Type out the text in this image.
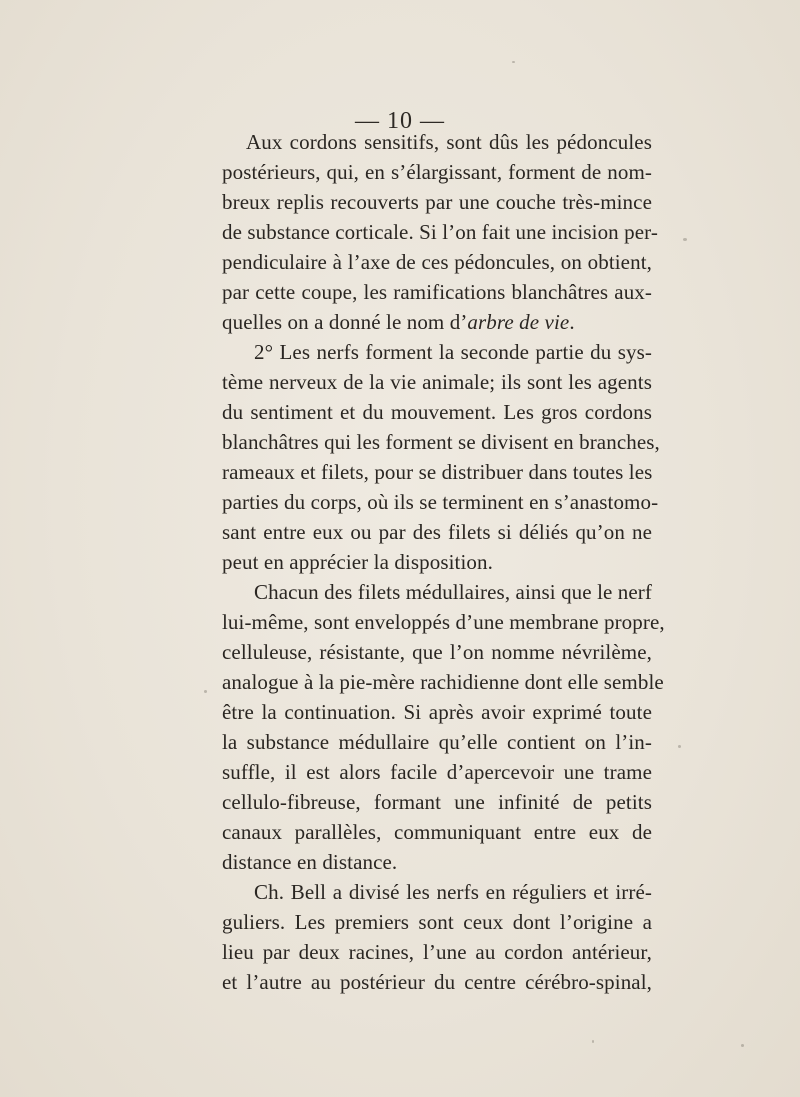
— 10 —
Aux cordons sensitifs, sont dûs les pédoncules
postérieurs, qui, en s’élargissant, forment de nom-
breux replis recouverts par une couche très-mince
de substance corticale. Si l’on fait une incision per-
pendiculaire à l’axe de ces pédoncules, on obtient,
par cette coupe, les ramifications blanchâtres aux-
quelles on a donné le nom d’arbre de vie.
2° Les nerfs forment la seconde partie du sys-
tème nerveux de la vie animale; ils sont les agents
du sentiment et du mouvement. Les gros cordons
blanchâtres qui les forment se divisent en branches,
rameaux et filets, pour se distribuer dans toutes les
parties du corps, où ils se terminent en s’anastomo-
sant entre eux ou par des filets si déliés qu’on ne
peut en apprécier la disposition.
Chacun des filets médullaires, ainsi que le nerf
lui-même, sont enveloppés d’une membrane propre,
celluleuse, résistante, que l’on nomme névrilème,
analogue à la pie-mère rachidienne dont elle semble
être la continuation. Si après avoir exprimé toute
la substance médullaire qu’elle contient on l’in-
suffle, il est alors facile d’apercevoir une trame
cellulo-fibreuse, formant une infinité de petits
canaux parallèles, communiquant entre eux de
distance en distance.
Ch. Bell a divisé les nerfs en réguliers et irré-
guliers. Les premiers sont ceux dont l’origine a
lieu par deux racines, l’une au cordon antérieur,
et l’autre au postérieur du centre cérébro-spinal,
